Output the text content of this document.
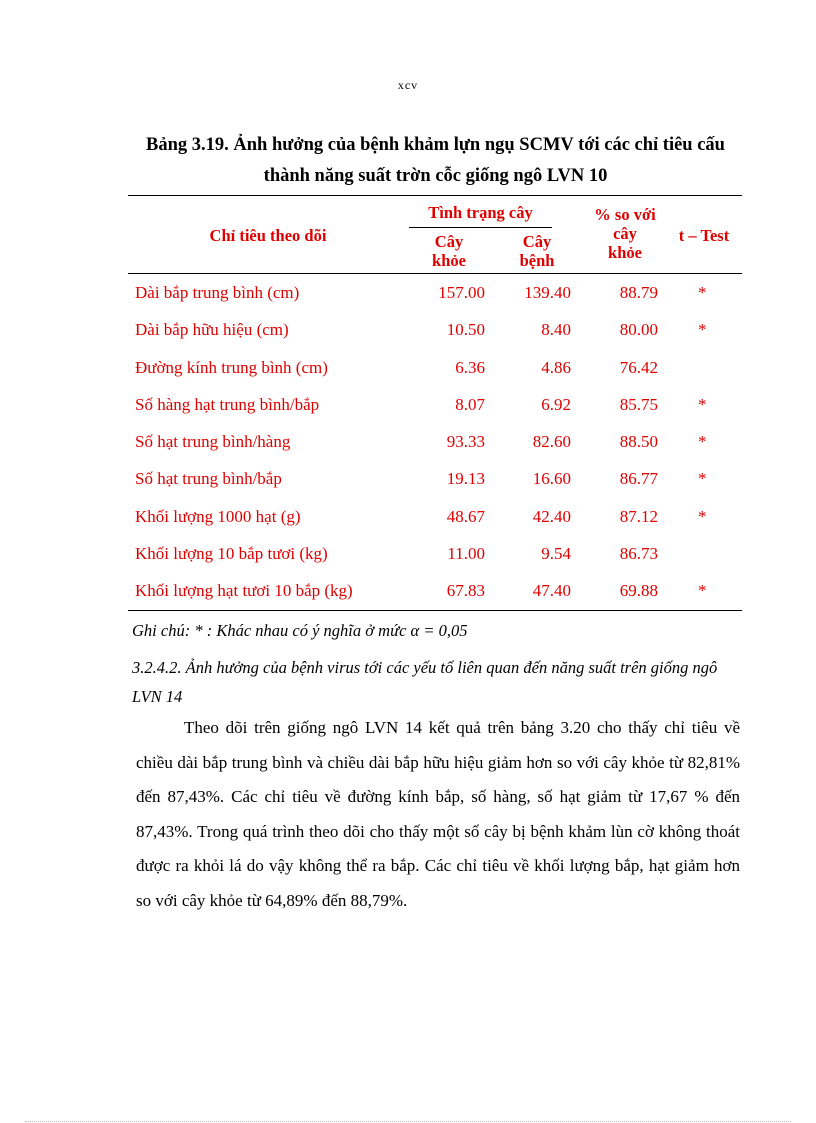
xcv
Bảng 3.19. Ảnh hưởng của bệnh khảm lựn ngụ SCMV tới các chỉ tiêu cấu
thành năng suất trờn cỗc giống ngô LVN 10
Chỉ tiêu theo dõi
Tình trạng cây
Cây
khỏe
Cây
bệnh
% so với
cây
khỏe
t – Test
Dài bắp trung bình (cm)	157.00 139.40	88.79 *
Dài bắp hữu hiệu (cm)	10.50	8.40	80.00 *
Đường kính trung bình (cm)	6.36	4.86	76.42
Số hàng hạt trung bình/bắp	8.07	6.92	85.75 *
Số hạt trung bình/hàng	93.33	82.60	88.50 *
Số hạt trung bình/bắp	19.13	16.60	86.77 *
Khối lượng 1000 hạt (g)	48.67	42.40	87.12 *
Khối lượng 10 bắp tươi (kg)	11.00	9.54	86.73
Khối lượng hạt tươi 10 bắp (kg)	67.83	47.40	69.88 *
Ghi chú: * : Khác nhau có ý nghĩa ở mức α = 0,05
3.2.4.2. Ảnh hưởng của bệnh virus tới các yếu tố liên quan đến năng suất trên giống ngô LVN 14
Theo dõi trên giống ngô LVN 14 kết quả trên bảng 3.20 cho thấy chỉ tiêu về chiều dài bắp trung bình và chiều dài bắp hữu hiệu giảm hơn so với cây khỏe từ 82,81% đến 87,43%. Các chỉ tiêu về đường kính bắp, số hàng, số hạt giảm từ 17,67 % đến 87,43%. Trong quá trình theo dõi cho thấy một số cây bị bệnh khảm lùn cờ không thoát được ra khỏi lá do vậy không thể ra bắp. Các chỉ tiêu về khối lượng bắp, hạt giảm hơn so với cây khỏe từ 64,89% đến 88,79%.
